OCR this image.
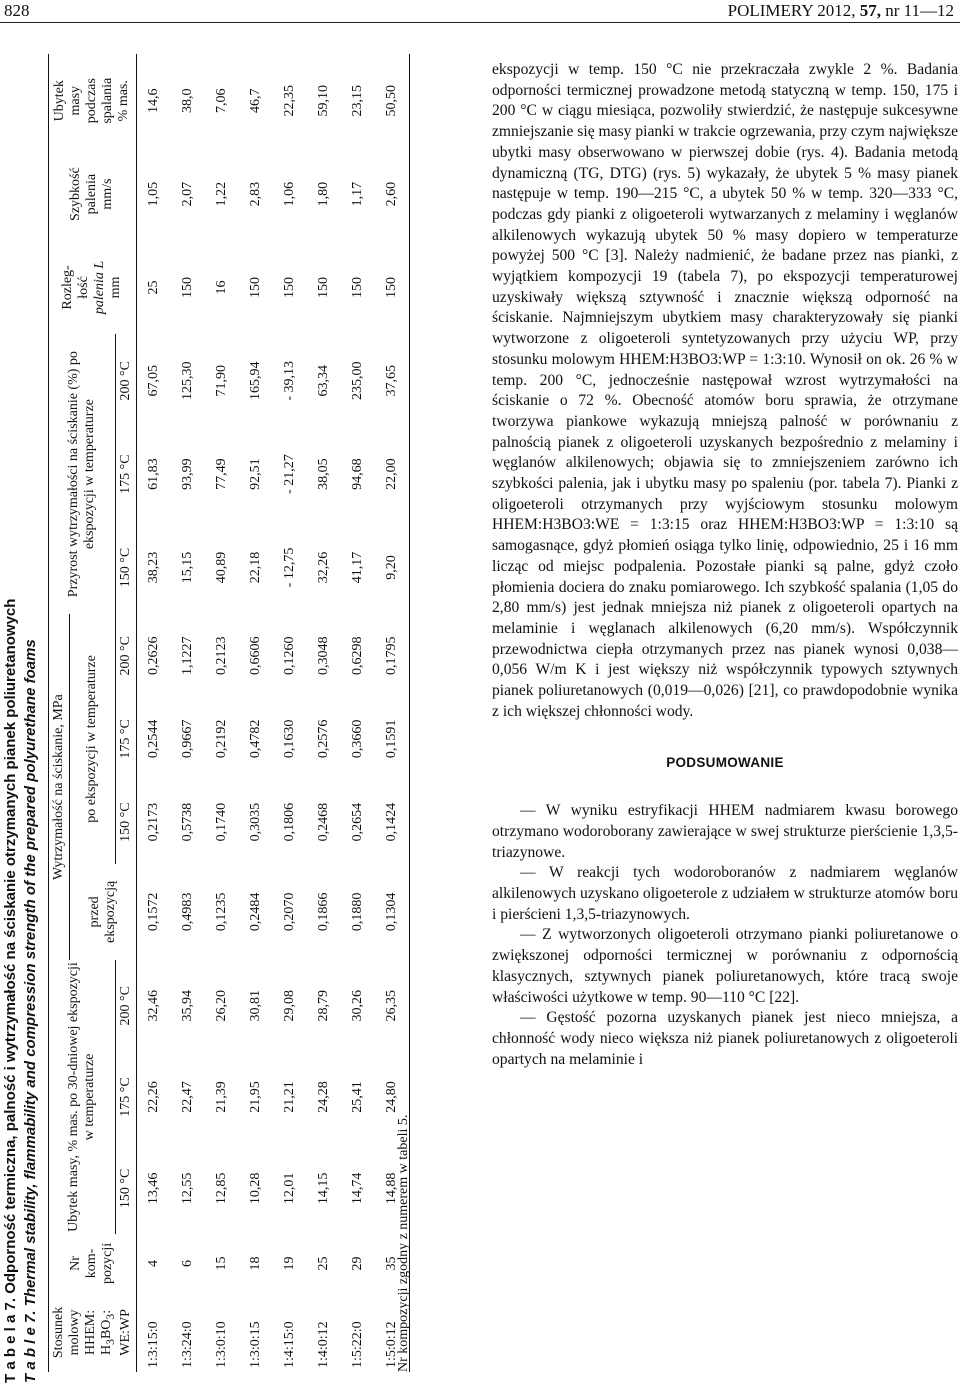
828	POLIMERY 2012, 57, nr 11—12
T a b e l a 7. Odporność termiczna, palność i wytrzymałość na ściskanie otrzymanych pianek poliuretanowych T a b l e 7. Thermal stability, flammability and compression strength of the prepared polyurethane foams Stosunek
molowy
HHEM:
$H_3BO_3$: WE:WP	Nr
kom-
pozycji	Ubytek masy, % mas. po 30-dniowej ekspozycji w temperaturze			Wytrzymałość na ściskanie, MPa				Przyrost wytrzymałości na ściskanie (%) po ekspozycji w temperaturze			Rozleg-
łość
palenia L
mm	Szybkość
palenia
mm/s	Ubytek
masy
podczas
spalania
% mas.
					przed ekspozycją	po ekspozycji w temperaturze								
		150 °C	175 °C	200 °C		150 °C	175 °C	200 °C	150 °C	175 °C	200 °C			
1:3:15:0	4	13,46	22,26	32,46	0,1572	0,2173	0,2544	0,2626	38,23	61,83	67,05	25	1,05	14,6
1:3:24:0	6	12,55	22,47	35,94	0,4983	0,5738	0,9667	1,1227	15,15	93,99	125,30	150	2,07	38,0
1:3:0:10	15	12,85	21,39	26,20	0,1235	0,1740	0,2192	0,2123	40,89	77,49	71,90	16	1,22	7,06
1:3:0:15	18	10,28	21,95	30,81	0,2484	0,3035	0,4782	0,6606	22,18	92,51	165,94	150	2,83	46,7
1:4:15:0	19	12,01	21,21	29,08	0,2070	0,1806	0,1630	0,1260	- 12,75	- 21,27	- 39,13	150	1,06	22,35
1:4:0:12	25	14,15	24,28	28,79	0,1866	0,2468	0,2576	0,3048	32,26	38,05	63,34	150	1,80	59,10
1:5:22:0	29	14,74	25,41	30,26	0,1880	0,2654	0,3660	0,6298	41,17	94,68	235,00	150	1,17	23,15
1:5:0:12	35	14,88	24,80	26,35	0,1304	0,1424	0,1591	0,1795	9,20	22,00	37,65	150	2,60	50,50
Nr kompozycji zgodny z numerem w tabeli 5.

ekspozycji w temp. 150 °C nie przekraczała zwykle 2 %. Badania odporności termicznej prowadzone metodą statyczną w temp. 150, 175 i 200 °C w ciągu miesiąca, pozwoliły stwierdzić, że następuje sukcesywne zmniejszanie się masy pianki w trakcie ogrzewania, przy czym największe ubytki masy obserwowano w pierwszej dobie (rys. 4). Badania metodą dynamiczną (TG, DTG) (rys. 5) wykazały, że ubytek 5 % masy pianek następuje w temp. 190—215 °C, a ubytek 50 % w temp. 320—333 °C, podczas gdy pianki z oligoeteroli wytwarzanych z melaminy i węglanów alkilenowych wykazują ubytek 50 % masy dopiero w temperaturze powyżej 500 °C [3]. Należy nadmienić, że badane przez nas pianki, z wyjątkiem kompozycji 19 (tabela 7), po ekspozycji temperaturowej uzyskiwały większą sztywność i znacznie większą odporność na ściskanie. Najmniejszym ubytkiem masy charakteryzowały się pianki wytworzone z oligoeteroli syntetyzowanych przy użyciu WP, przy stosunku molowym HHEM:H3BO3:WP = 1:3:10. Wynosił on ok. 26 % w temp. 200 °C, jednocześnie następował wzrost wytrzymałości na ściskanie o 72 %. Obecność atomów boru sprawia, że otrzymane tworzywa piankowe wykazują mniejszą palność w porównaniu z palnością pianek z oligoeteroli uzyskanych bezpośrednio z melaminy i węglanów alkilenowych; objawia się to zmniejszeniem zarówno ich szybkości palenia, jak i ubytku masy po spaleniu (por. tabela 7). Pianki z oligoeteroli otrzymanych przy wyjściowym stosunku molowym HHEM:H3BO3:WE = 1:3:15 oraz HHEM:H3BO3:WP = 1:3:10 są samogasnące, gdyż płomień osiąga tylko linię, odpowiednio, 25 i 16 mm licząc od miejsc podpalenia. Pozostałe pianki są palne, gdyż czoło płomienia dociera do znaku pomiarowego. Ich szybkość spalania (1,05 do 2,80 mm/s) jest jednak mniejsza niż pianek z oligoeteroli opartych na melaminie i węglanach alkilenowych (6,20 mm/s). Współczynnik przewodnictwa ciepła otrzymanych przez nas pianek wynosi 0,038—0,056 W/m K i jest większy niż współczynnik typowych sztywnych pianek poliuretanowych (0,019—0,026) [21], co prawdopodobnie wynika z ich większej chłonności wody.

PODSUMOWANIE

— W wyniku estryfikacji HHEM nadmiarem kwasu borowego otrzymano wodoroborany zawierające w swej strukturze pierścienie 1,3,5-triazynowe.

— W reakcji tych wodoroboranów z nadmiarem węglanów alkilenowych uzyskano oligoeterole z udziałem w strukturze atomów boru i pierścieni 1,3,5-triazynowych.

— Z wytworzonych oligoeteroli otrzymano pianki poliuretanowe o zwiększonej odporności termicznej w porównaniu z odpornością klasycznych, sztywnych pianek poliuretanowych, które tracą swoje właściwości użytkowe w temp. 90—110 °C [22].

— Gęstość pozorna uzyskanych pianek jest nieco mniejsza, a chłonność wody nieco większa niż pianek poliuretanowych z oligoeteroli opartych na melaminie i
